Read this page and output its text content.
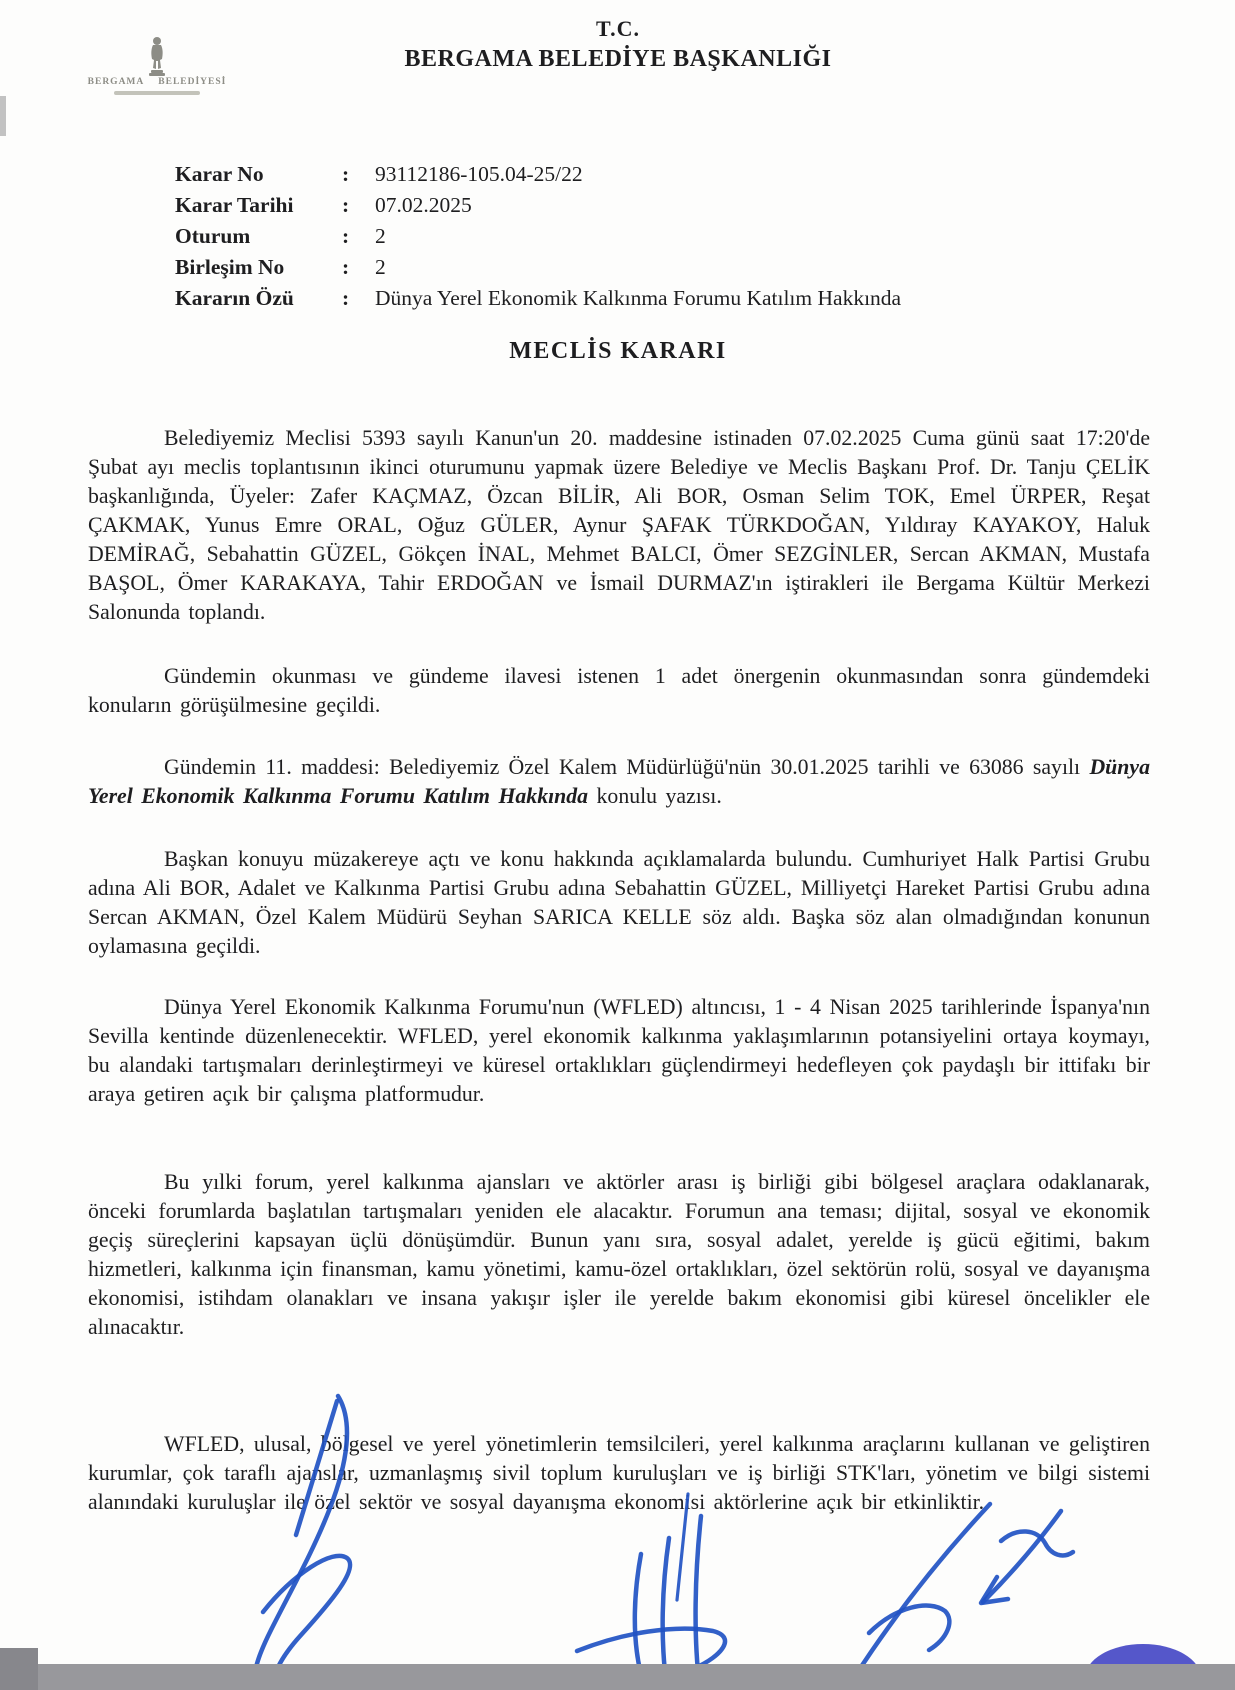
BERGAMA BELEDİYESİ
T.C.
BERGAMA BELEDİYE BAŞKANLIĞI
Karar No	:	93112186-105.04-25/22
Karar Tarihi	:	07.02.2025
Oturum	:	2
Birleşim No	:	2
Kararın Özü	:	Dünya Yerel Ekonomik Kalkınma Forumu Katılım Hakkında
MECLİS KARARI

Belediyemiz Meclisi 5393 sayılı Kanun'un 20. maddesine istinaden 07.02.2025 Cuma günü saat 17:20'de Şubat ayı meclis toplantısının ikinci oturumunu yapmak üzere Belediye ve Meclis Başkanı Prof. Dr. Tanju ÇELİK başkanlığında, Üyeler: Zafer KAÇMAZ, Özcan BİLİR, Ali BOR, Osman Selim TOK, Emel ÜRPER, Reşat ÇAKMAK, Yunus Emre ORAL, Oğuz GÜLER, Aynur ŞAFAK TÜRKDOĞAN, Yıldıray KAYAKOY, Haluk DEMİRAĞ, Sebahattin GÜZEL, Gökçen İNAL, Mehmet BALCI, Ömer SEZGİNLER, Sercan AKMAN, Mustafa BAŞOL, Ömer KARAKAYA, Tahir ERDOĞAN ve İsmail DURMAZ'ın iştirakleri ile Bergama Kültür Merkezi Salonunda toplandı.

Gündemin okunması ve gündeme ilavesi istenen 1 adet önergenin okunmasından sonra gündemdeki konuların görüşülmesine geçildi.

Gündemin 11. maddesi: Belediyemiz Özel Kalem Müdürlüğü'nün 30.01.2025 tarihli ve 63086 sayılı Dünya Yerel Ekonomik Kalkınma Forumu Katılım Hakkında konulu yazısı.

Başkan konuyu müzakereye açtı ve konu hakkında açıklamalarda bulundu. Cumhuriyet Halk Partisi Grubu adına Ali BOR, Adalet ve Kalkınma Partisi Grubu adına Sebahattin GÜZEL, Milliyetçi Hareket Partisi Grubu adına Sercan AKMAN, Özel Kalem Müdürü Seyhan SARICA KELLE söz aldı. Başka söz alan olmadığından konunun oylamasına geçildi.

Dünya Yerel Ekonomik Kalkınma Forumu'nun (WFLED) altıncısı, 1 - 4 Nisan 2025 tarihlerinde İspanya'nın Sevilla kentinde düzenlenecektir. WFLED, yerel ekonomik kalkınma yaklaşımlarının potansiyelini ortaya koymayı, bu alandaki tartışmaları derinleştirmeyi ve küresel ortaklıkları güçlendirmeyi hedefleyen çok paydaşlı bir ittifakı bir araya getiren açık bir çalışma platformudur.

Bu yılki forum, yerel kalkınma ajansları ve aktörler arası iş birliği gibi bölgesel araçlara odaklanarak, önceki forumlarda başlatılan tartışmaları yeniden ele alacaktır. Forumun ana teması; dijital, sosyal ve ekonomik geçiş süreçlerini kapsayan üçlü dönüşümdür. Bunun yanı sıra, sosyal adalet, yerelde iş gücü eğitimi, bakım hizmetleri, kalkınma için finansman, kamu yönetimi, kamu-özel ortaklıkları, özel sektörün rolü, sosyal ve dayanışma ekonomisi, istihdam olanakları ve insana yakışır işler ile yerelde bakım ekonomisi gibi küresel öncelikler ele alınacaktır.

WFLED, ulusal, bölgesel ve yerel yönetimlerin temsilcileri, yerel kalkınma araçlarını kullanan ve geliştiren kurumlar, çok taraflı ajanslar, uzmanlaşmış sivil toplum kuruluşları ve iş birliği STK'ları, yönetim ve bilgi sistemi alanındaki kuruluşlar ile özel sektör ve sosyal dayanışma ekonomisi aktörlerine açık bir etkinliktir.
